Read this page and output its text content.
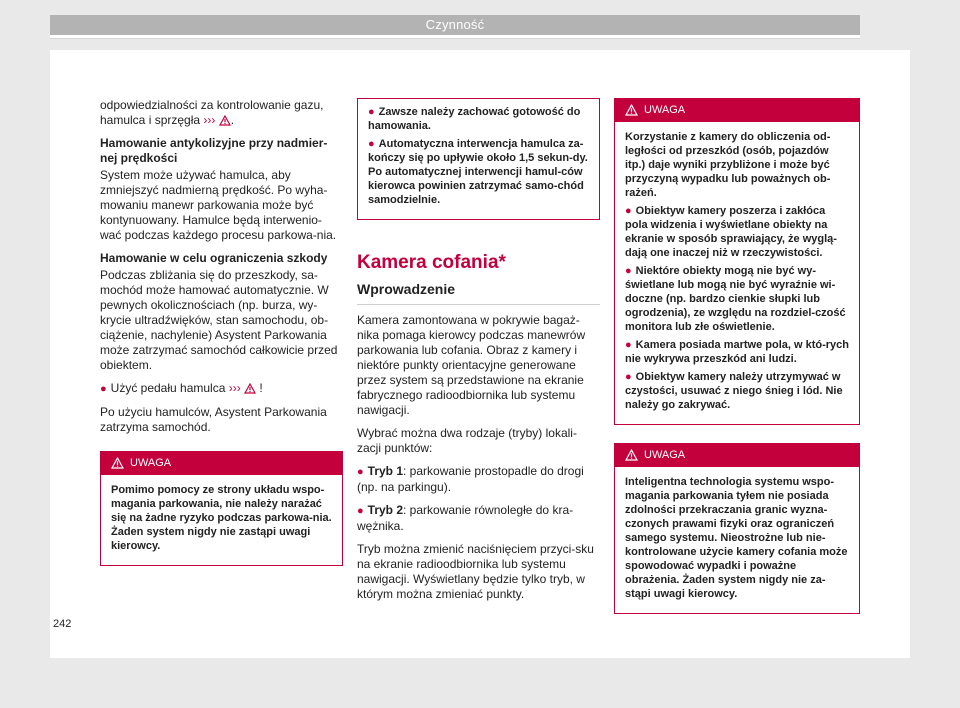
Czynność

odpowiedzialności za kontrolowanie gazu, hamulca i sprzęgła ››› .

Hamowanie antykolizyjne przy nadmier-nej prędkości

System może używać hamulca, aby zmniejszyć nadmierną prędkość. Po wyha-mowaniu manewr parkowania może być kontynuowany. Hamulce będą interwenio-wać podczas każdego procesu parkowa-nia.

Hamowanie w celu ograniczenia szkody

Podczas zbliżania się do przeszkody, sa-mochód może hamować automatycznie. W pewnych okolicznościach (np. burza, wy-krycie ultradźwięków, stan samochodu, ob-ciążenie, nachylenie) Asystent Parkowania może zatrzymać samochód całkowicie przed obiektem.

● Użyć pedału hamulca ››› !

Po użyciu hamulców, Asystent Parkowania zatrzyma samochód.

UWAGA

Pomimo pomocy ze strony układu wspo-magania parkowania, nie należy narażać się na żadne ryzyko podczas parkowa-nia. Żaden system nigdy nie zastąpi uwagi kierowcy.

● Zawsze należy zachować gotowość do hamowania.

● Automatyczna interwencja hamulca za-kończy się po upływie około 1,5 sekun-dy. Po automatycznej interwencji hamul-ców kierowca powinien zatrzymać samo-chód samodzielnie.

Kamera cofania*
Wprowadzenie

Kamera zamontowana w pokrywie bagaż-nika pomaga kierowcy podczas manewrów parkowania lub cofania. Obraz z kamery i niektóre punkty orientacyjne generowane przez system są przedstawione na ekranie fabrycznego radioodbiornika lub systemu nawigacji.

Wybrać można dwa rodzaje (tryby) lokali-zacji punktów:

● Tryb 1: parkowanie prostopadle do drogi (np. na parkingu).

● Tryb 2: parkowanie równoległe do kra-wężnika.

Tryb można zmienić naciśnięciem przyci-sku na ekranie radioodbiornika lub systemu nawigacji. Wyświetlany będzie tylko tryb, w którym można zmieniać punkty.

UWAGA

Korzystanie z kamery do obliczenia od-ległości od przeszkód (osób, pojazdów itp.) daje wyniki przybliżone i może być przyczyną wypadku lub poważnych ob-rażeń.

● Obiektyw kamery poszerza i zakłóca pola widzenia i wyświetlane obiekty na ekranie w sposób sprawiający, że wyglą-dają one inaczej niż w rzeczywistości.

● Niektóre obiekty mogą nie być wy-świetlane lub mogą nie być wyraźnie wi-doczne (np. bardzo cienkie słupki lub ogrodzenia), ze względu na rozdziel-czość monitora lub złe oświetlenie.

● Kamera posiada martwe pola, w któ-rych nie wykrywa przeszkód ani ludzi.

● Obiektyw kamery należy utrzymywać w czystości, usuwać z niego śnieg i lód. Nie należy go zakrywać.

UWAGA

Inteligentna technologia systemu wspo-magania parkowania tyłem nie posiada zdolności przekraczania granic wyzna-czonych prawami fizyki oraz ograniczeń samego systemu. Nieostrożne lub nie-kontrolowane użycie kamery cofania może spowodować wypadki i poważne obrażenia. Żaden system nigdy nie za-stąpi uwagi kierowcy.

242
